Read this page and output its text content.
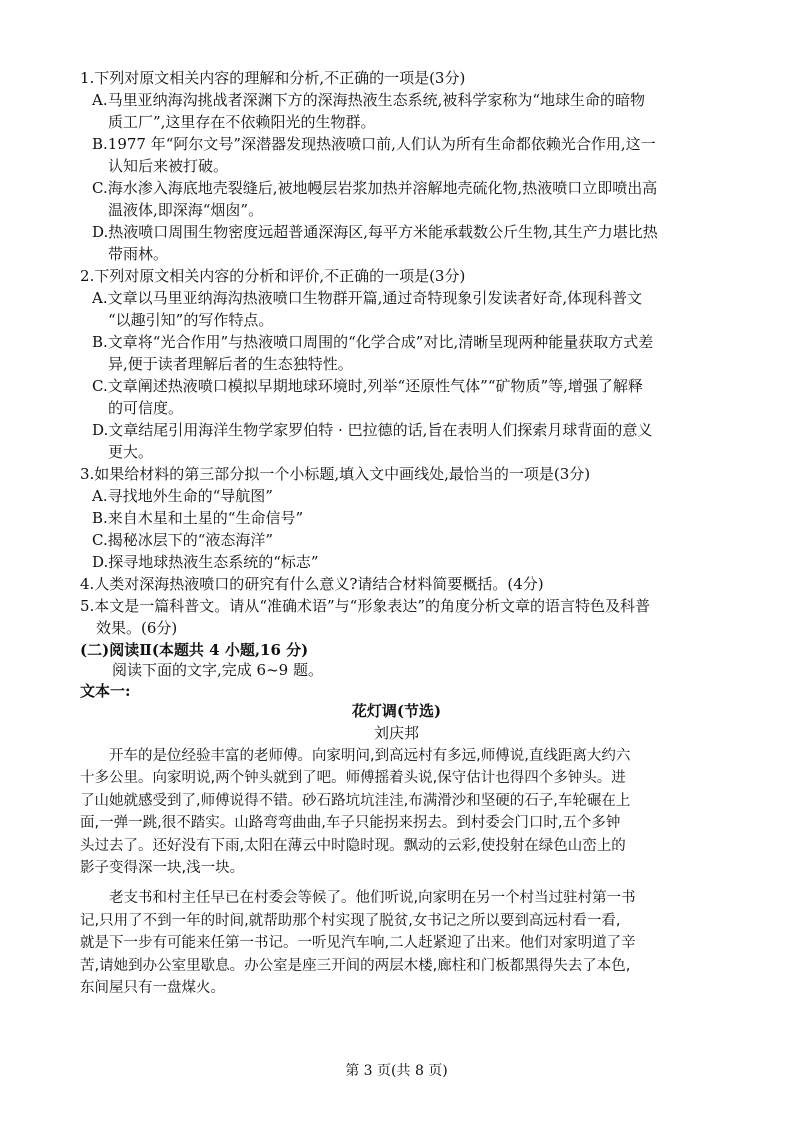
1.下列对原文相关内容的理解和分析,不正确的一项是(3分)
A.马里亚纳海沟挑战者深渊下方的深海热液生态系统,被科学家称为“地球生命的暗物
质工厂”,这里存在不依赖阳光的生物群。
B.1977 年“阿尔文号”深潜器发现热液喷口前,人们认为所有生命都依赖光合作用,这一
认知后来被打破。
C.海水渗入海底地壳裂缝后,被地幔层岩浆加热并溶解地壳硫化物,热液喷口立即喷出高
温液体,即深海“烟囱”。
D.热液喷口周围生物密度远超普通深海区,每平方米能承载数公斤生物,其生产力堪比热
带雨林。
2.下列对原文相关内容的分析和评价,不正确的一项是(3分)
A.文章以马里亚纳海沟热液喷口生物群开篇,通过奇特现象引发读者好奇,体现科普文
“以趣引知”的写作特点。
B.文章将“光合作用”与热液喷口周围的“化学合成”对比,清晰呈现两种能量获取方式差
异,便于读者理解后者的生态独特性。
C.文章阐述热液喷口模拟早期地球环境时,列举“还原性气体”“矿物质”等,增强了解释
的可信度。
D.文章结尾引用海洋生物学家罗伯特 · 巴拉德的话,旨在表明人们探索月球背面的意义
更大。
3.如果给材料的第三部分拟一个小标题,填入文中画线处,最恰当的一项是(3分)
A.寻找地外生命的“导航图”
B.来自木星和土星的“生命信号”
C.揭秘冰层下的“液态海洋”
D.探寻地球热液生态系统的“标志”
4.人类对深海热液喷口的研究有什么意义?请结合材料简要概括。(4分)
5.本文是一篇科普文。请从“准确术语”与“形象表达”的角度分析文章的语言特色及科普
效果。(6分)
(二)阅读Ⅱ(本题共 4 小题,16 分)
阅读下面的文字,完成 6~9 题。
文本一:
花灯调(节选)
刘庆邦
开车的是位经验丰富的老师傅。向家明问,到高远村有多远,师傅说,直线距离大约六
十多公里。向家明说,两个钟头就到了吧。师傅摇着头说,保守估计也得四个多钟头。进
了山她就感受到了,师傅说得不错。砂石路坑坑洼洼,布满滑沙和坚硬的石子,车轮碾在上
面,一弹一跳,很不踏实。山路弯弯曲曲,车子只能拐来拐去。到村委会门口时,五个多钟
头过去了。还好没有下雨,太阳在薄云中时隐时现。飘动的云彩,使投射在绿色山峦上的
影子变得深一块,浅一块。
老支书和村主任早已在村委会等候了。他们听说,向家明在另一个村当过驻村第一书
记,只用了不到一年的时间,就帮助那个村实现了脱贫,女书记之所以要到高远村看一看,
就是下一步有可能来任第一书记。一听见汽车响,二人赶紧迎了出来。他们对家明道了辛
苦,请她到办公室里歇息。办公室是座三开间的两层木楼,廊柱和门板都黑得失去了本色,
东间屋只有一盘煤火。
第 3 页(共 8 页)
